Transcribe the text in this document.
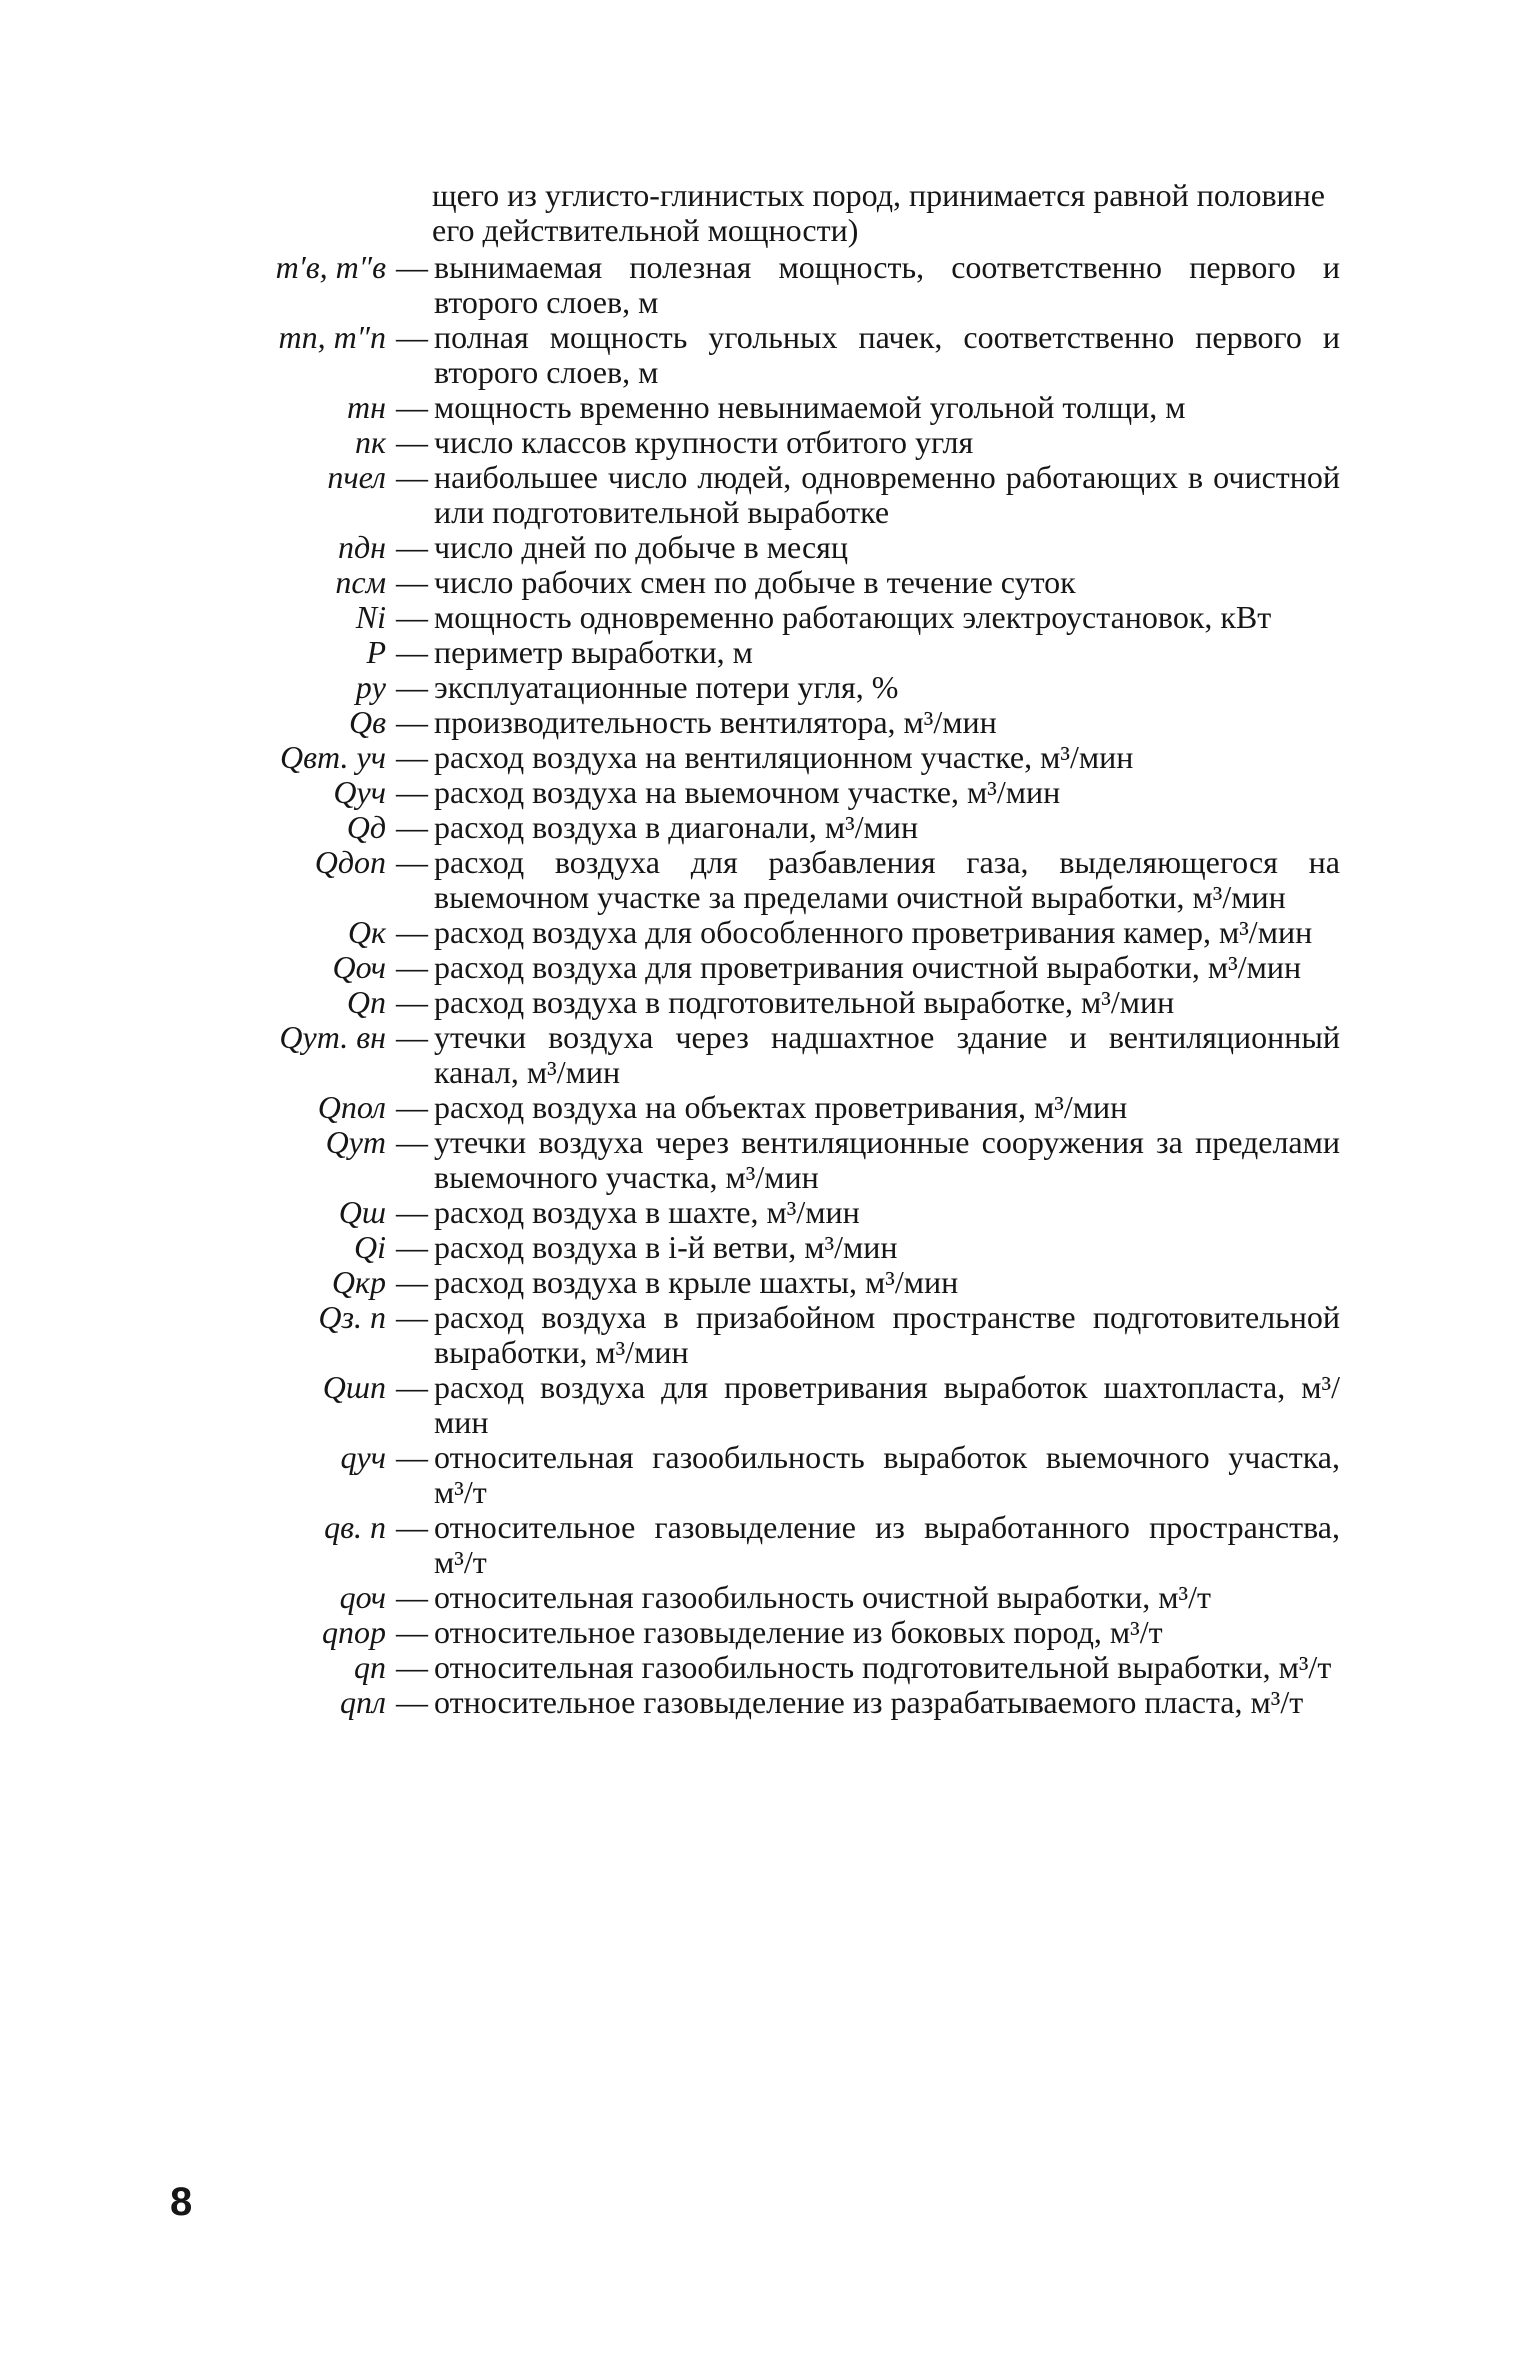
щего из углисто-глинистых пород, принимается равной половине его действительной мощности)
m′в, m″в — вынимаемая полезная мощность, соответственно первого и второго слоев, м
mп, m″п — полная мощность угольных пачек, соответственно первого и второго слоев, м
mн — мощность временно невынимаемой угольной толщи, м
nк — число классов крупности отбитого угля
nчел — наибольшее число людей, одновременно работающих в очистной или подготовительной выработке
nдн — число дней по добыче в месяц
nсм — число рабочих смен по добыче в течение суток
Ni — мощность одновременно работающих электроустановок, кВт
P — периметр выработки, м
pу — эксплуатационные потери угля, %
Qв — производительность вентилятора, м³/мин
Qвт. уч — расход воздуха на вентиляционном участке, м³/мин
Qуч — расход воздуха на выемочном участке, м³/мин
Qд — расход воздуха в диагонали, м³/мин
Qдоп — расход воздуха для разбавления газа, выделяющегося на выемочном участке за пределами очистной выработки, м³/мин
Qк — расход воздуха для обособленного проветривания камер, м³/мин
Qоч — расход воздуха для проветривания очистной выработки, м³/мин
Qп — расход воздуха в подготовительной выработке, м³/мин
Qут. вн — утечки воздуха через надшахтное здание и вентиляционный канал, м³/мин
Qпол — расход воздуха на объектах проветривания, м³/мин
Qут — утечки воздуха через вентиляционные сооружения за пределами выемочного участка, м³/мин
Qш — расход воздуха в шахте, м³/мин
Qi — расход воздуха в i-й ветви, м³/мин
Qкр — расход воздуха в крыле шахты, м³/мин
Qз. п — расход воздуха в призабойном пространстве подготовительной выработки, м³/мин
Qшп — расход воздуха для проветривания выработок шахтопласта, м³/мин
qуч — относительная газообильность выработок выемочного участка, м³/т
qв. п — относительное газовыделение из выработанного пространства, м³/т
qоч — относительная газообильность очистной выработки, м³/т
qпор — относительное газовыделение из боковых пород, м³/т
qп — относительная газообильность подготовительной выработки, м³/т
qпл — относительное газовыделение из разрабатываемого пласта, м³/т
8
